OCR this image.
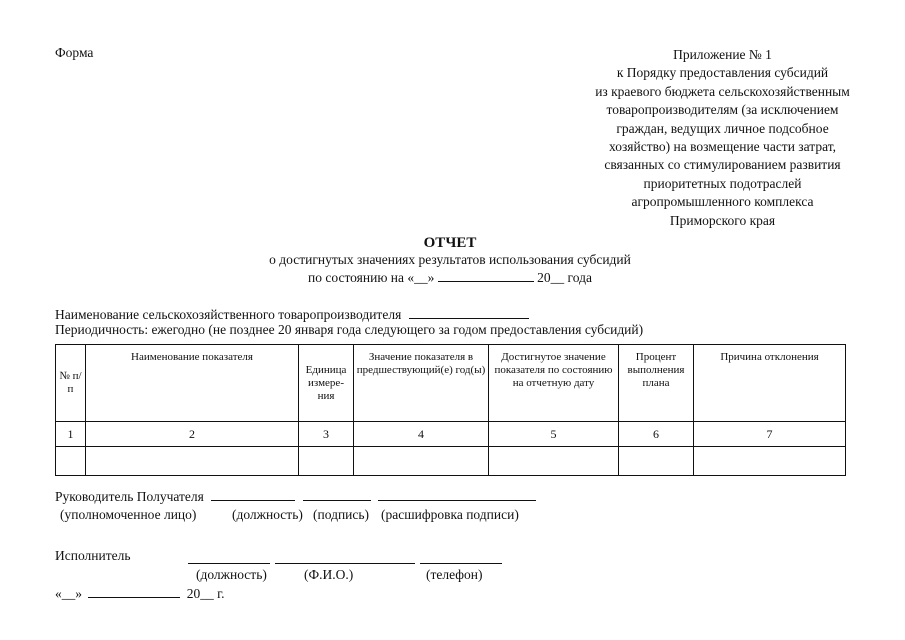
Форма	Приложение № 1
к Порядку предоставления субсидий
из краевого бюджета сельскохозяйственным
товаропроизводителям (за исключением
граждан, ведущих личное подсобное
хозяйство) на возмещение части затрат,
связанных со стимулированием развития
приоритетных подотраслей
агропромышленного комплекса
Приморского края
ОТЧЕТ
о достигнутых значениях результатов использования субсидий
по состоянию на «__»	20__ года
Наименование сельскохозяйственного товаропроизводителя
Периодичность: ежегодно (не позднее 20 января года следующего за годом предоставления субсидий)
№ п/п	Наименование показателя	Единица измере-ния	Значение показателя в предшествующий(е) год(ы)	Достигнутое значение показателя по состоянию на отчетную дату	Процент выполнения плана	Причина отклонения
1	2	3	4	5	6	7

Руководитель Получателя
(уполномоченное лицо)	(должность) (подпись) (расшифровка подписи)
Исполнитель
(должность)	(Ф.И.О.)	(телефон)
«__»	20__ г.
